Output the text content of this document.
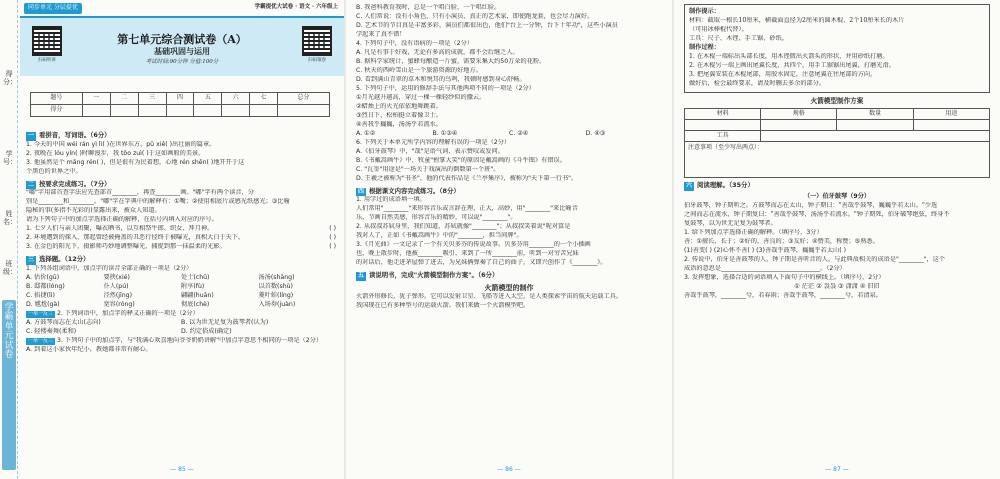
得分：
学号：
姓名：
班级：
学霸单元试卷
同步单元 分层提优	学霸提优大试卷 · 语文 · 六年级上
扫码听讲	扫码领卷
第七单元综合测试卷（A）
基础巩固与运用
考试时间:90分钟 分值:100分
题号	一	二	三	四	五	六	七	总分
得分								
一 看拼音，写词语。（6分）
1. 今天的中国 wéi rán yì lì( )在世界东方，pǔ xiě( )出壮丽的篇章。
2. 夜晚在 lóu yín( )时聊漫步，我 tōo zuì( )于这如画般的美景。
3. 他虽然是个 mǎng rén( )，但是很有为民着想，心地 rén shēn( )地开开于这
个黑色的世界之中。
二 按要求完成练习。（7分）
"嘟"字用部首查字法应先查部首________，再查________画。"嘟"字有两个读音，分
别是________和________。"嘟"字在字典中的解释有：①嘴；②使用相底片或感光纸感光；③比喻
隐秘的事(多指不光彩的)显露出来，被众人知道。
请为下列句子中的加点字选择正确的解释，在括号内填入对应的序号。
1. 七夕人们与亲人团聚，曝衣晒书，以互相祭牛郎、织女、拜月神。	( )
2. 环境遭到的探入，那起曾经被掩盖的丑恶行径终于被曝光，真相大白于天下。	( )
3. 在金色的阳光下，摄影师巧妙地调整曝光，捕捉到那一抹温柔的光影。	( )
三 选择题。（12分）
1. 下列各组词语中，加点字的读音全部正确的一项是（2分）
A. 估价(gū)	要挟(xié)	处士(chǔ)	汤汤(shāng)
B. 邸都(lóng)	仆人(pú)	附享(fù)	以首数(shù)
C. 掐捷(lì)	泾然(jīng)	翩翩(huān)	菱叶蛙(líng)
D. 尴尬(gà)	宽容(róng)	彻底(chè)	入场券(juàn)
一举一反三 2. 下列词语中，加点字的释义正确的一项是（2分）
A. 方鼓琴而志在太山(志向)	B. 以为世无足复为鼓琴者(认为)
C. 轻楼奏舞(柔和)	D. 约定俗成(确定)
一举一反三 3. 下列句子中的加点字，与"我满心欢喜地向爷爷奶奶讲解"中加点字意思不相同的一项是（2分）
A. 到着这小家伙年纪小，教她都非常有耐心。
— 85 —
B. 我爸科教育我时，总是一个唱白脸，一个唱红脸。
C. 人们常说：没有小角色，只有小演员，真正的艺术家，即使跑龙套，也会尽力演好。
D. 艺术节的节目真是丰富多彩，演员们都很出色，他们"台上一分钟，台下十年功"，这些小演员
学起来了真不错！
4. 下列句子中，没有语病的一项是（2分）
A. 凡是有事于好戏，无论有多高的成就，都不会后继乏人。
B. 据科学家统计，蜜蜂每酿造一斤蜜，需要采集大约50万朵的花粉。
C. 秋天的西岭雪山是一个旅游资源的好地方。
D. 看到满山青翠的草木和悦耳的鸟鸣，我顿时感到身心舒畅。
5. 下列句子中，运用的修辞手法与其他两项不同的一项是（2分）
①月光越升越高，穿过一棵一棵轻纱似的撒云。
②蜡烛上的火光依依地舞跳着。
③烈日下，松柏挺立着像卫士。
④善我乎巍巍，汤汤乎若流水。
A. ①②	B. ①③④	C. ②④	D. ④③
6. 下列关于本单元所学内容的理解有误的一项是（2分）
A.《伯牙鼓琴》中，"哉"是语气词，表示赞叹或发问。
B.《书戴嵩画牛》中，牧童"拊掌大笑"的原因是戴嵩画的《斗牛图》有错误。
C. "瓦釜"用途是"一场关于戏演出的倒数第一个班"。
D. 王羲之被称为"书圣"，他的代表作品是《兰亭集序》，被称为"天下第一行书"。
四 根据课文内容完成练习。（8分）
1. 用学过的成语填一填。
人们常用"________"来形容音乐或言辞在理，正大，高妙，用"________"来比喻音
乐，节画自然美感，形容音乐的精妙，可以说"________"。
2. 从叔叔苏轼身里，我们知道，苏轼就像"________"；从叔叔笑着说"呢对算是
我对人了，正如《书戴嵩画牛》中的"________，担当问牌"。
3.《月光曲》一文记录了一个有关贝多芬的传说故事。贝多芬用________的一个小插画
也，晚上散步时，他被________吸引，来到了一所________前，听到一对穷苦兄妹
的对话后，他走进茅屋弹了进去，为兄妹俩弹奏了自己的曲子，又即兴创作了《________》。
五 读说明书，完成"火箭模型制作方案"。（6分）
火箭模型的制作
火箭外形修长，犹子弹形。它可以发射卫星、飞船等进入太空，是人类探索宇宙的航天运载工具。
我国现在已有多种型号的运载火箭。我们来做一个火箭模型吧。
— 86 —
制作提示：
材料：截取一根长10厘米，横截面直径为2厘米的圆木棍，2个10厘米长的木片
（可用冰棒棍代替）。
工具：尺子、木锉、手工锯、砂纸。
制作过程：
1. 在木棍一端标出头部长度，用木锉微出火箭头的形状，并用砂纸打磨。
2. 在木棍另一端上画出尾翼长度，共四个，用手工锯锯出尾翼，打磨光滑。
3. 把尾翼安装在木棍尾部，用胶水固定，注意尾翼在往尾部的方向。
做好后，检会最终要求，请及时删去多余的部分。
火箭模型制作方案
材料	规格	数量	用途

工具			
注意事项（至少写出两点）：			
六 阅读理解。（35分）
（一）伯牙鼓琴（9分）
伯牙鼓琴，钟子期听之。方鼓琴而志在太山，钟子期曰："善哉乎鼓琴，巍巍乎若太山。"少选
之间而志在流水，钟子期复曰："善哉乎鼓琴，汤汤乎若流水。"钟子期死，伯牙破琴绝弦，终身不
复鼓琴，以为世无足复为鼓琴者。
1. 给下列加点字选择正确的解释。（填序号，3分）
善：①擅长，长于；②好的，善良的；③友好；④赞美，称赞；⑤熟悉。
(1)善变( ) (2)心怀不善( ) (3)善哉乎鼓琴，巍巍乎若太山( )
2. 传说中，伯牙是善鼓琴的人，钟子期是善听音的人。与此典故相关的成语是"________"，这个
成语的意思是________________________________。（2分）
3. 发挥想象，选择合适的词语填入下面句子中的横线上。（填序号，2分）
① 茫茫 ② 袅袅 ③ 潇潇 ④ 旧旧
善哉乎鼓琴，________兮，若春雨；善哉乎鼓琴，________兮，若清泉。
— 87 —
